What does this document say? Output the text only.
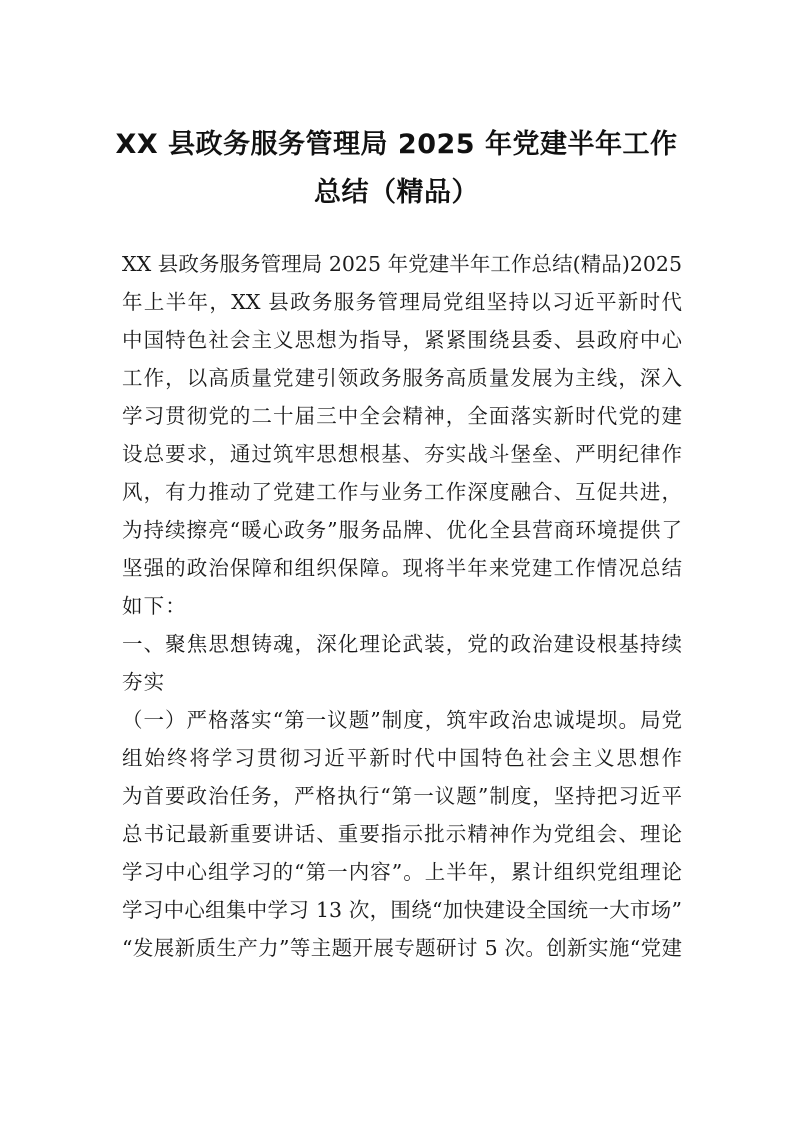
XX 县政务服务管理局 2025 年党建半年工作
总结（精品）
XX 县政务服务管理局 2025 年党建半年工作总结(精品)2025
年上半年，XX 县政务服务管理局党组坚持以习近平新时代
中国特色社会主义思想为指导，紧紧围绕县委、县政府中心
工作，以高质量党建引领政务服务高质量发展为主线，深入
学习贯彻党的二十届三中全会精神，全面落实新时代党的建
设总要求，通过筑牢思想根基、夯实战斗堡垒、严明纪律作
风，有力推动了党建工作与业务工作深度融合、互促共进，
为持续擦亮“暖心政务”服务品牌、优化全县营商环境提供了
坚强的政治保障和组织保障。现将半年来党建工作情况总结
如下：
一、聚焦思想铸魂，深化理论武装，党的政治建设根基持续
夯实
（一）严格落实“第一议题”制度，筑牢政治忠诚堤坝。局党
组始终将学习贯彻习近平新时代中国特色社会主义思想作
为首要政治任务，严格执行“第一议题”制度，坚持把习近平
总书记最新重要讲话、重要指示批示精神作为党组会、理论
学习中心组学习的“第一内容”。上半年，累计组织党组理论
学习中心组集中学习 13 次，围绕“加快建设全国统一大市场”
“发展新质生产力”等主题开展专题研讨 5 次。创新实施“党建
